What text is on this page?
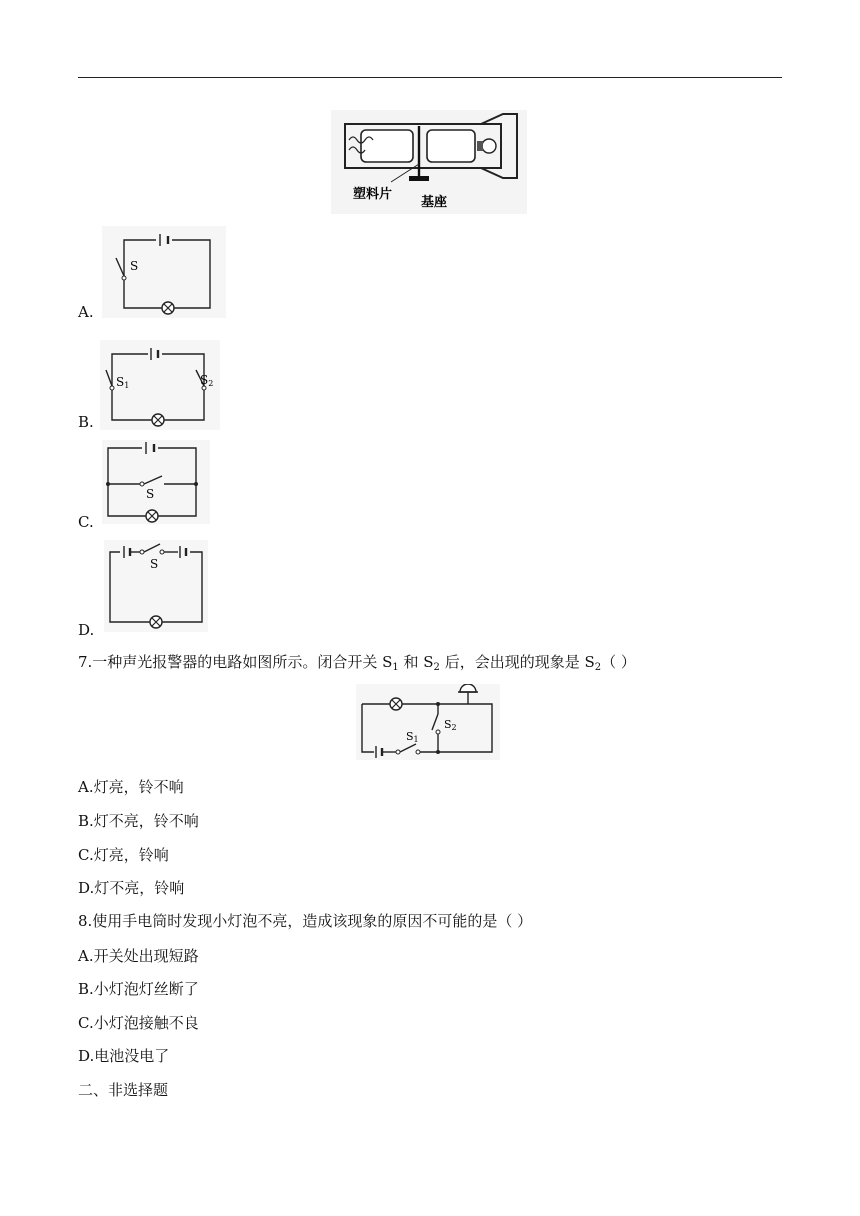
塑料片
基座
A.
S
B.
S1	S2
C.
S
D.
S
7.一种声光报警器的电路如图所示。闭合开关 $S_1$ 和 $S_2$ 后，会出现的现象是 $S_2$（ ）
S1
S2
A.灯亮，铃不响
B.灯不亮，铃不响
C.灯亮，铃响
D.灯不亮，铃响
8.使用手电筒时发现小灯泡不亮，造成该现象的原因不可能的是（ ）
A.开关处出现短路
B.小灯泡灯丝断了
C.小灯泡接触不良
D.电池没电了
二、非选择题
